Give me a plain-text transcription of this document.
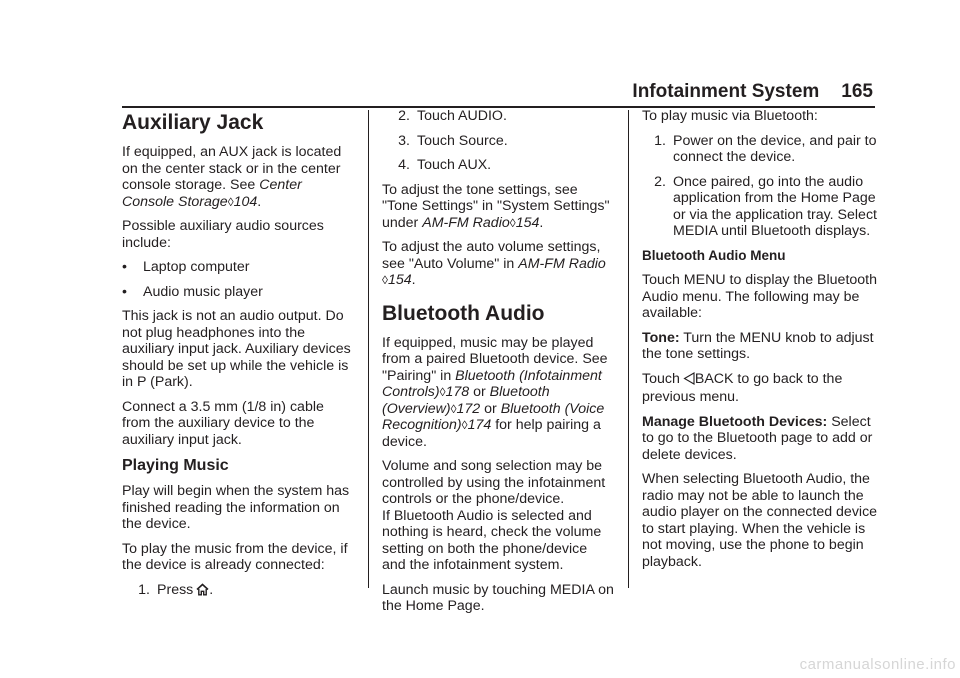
Infotainment System 165
Auxiliary Jack

If equipped, an AUX jack is located on the center stack or in the center console storage. See Center Console Storage◊104.

Possible auxiliary audio sources include:

•	Laptop computer
•	Audio music player

This jack is not an audio output. Do not plug headphones into the auxiliary input jack. Auxiliary devices should be set up while the vehicle is in P (Park).

Connect a 3.5 mm (1/8 in) cable from the auxiliary device to the auxiliary input jack.

Playing Music

Play will begin when the system has finished reading the information on the device.

To play the music from the device, if the device is already connected:

1. Press .
2. Touch AUDIO.
3. Touch Source.
4. Touch AUX.

To adjust the tone settings, see "Tone Settings" in "System Settings" under AM-FM Radio◊154.

To adjust the auto volume settings, see "Auto Volume" in AM-FM Radio
◊154.

Bluetooth Audio

If equipped, music may be played from a paired Bluetooth device. See "Pairing" in Bluetooth (Infotainment Controls)◊178 or Bluetooth (Overview)◊172 or Bluetooth (Voice Recognition)◊174 for help pairing a device.

Volume and song selection may be controlled by using the infotainment controls or the phone/device.

If Bluetooth Audio is selected and nothing is heard, check the volume setting on both the phone/device and the infotainment system.

Launch music by touching MEDIA on the Home Page.

To play music via Bluetooth:

1. Power on the device, and pair to connect the device.
2. Once paired, go into the audio application from the Home Page or via the application tray. Select MEDIA until Bluetooth displays.
Bluetooth Audio Menu

Touch MENU to display the Bluetooth Audio menu. The following may be available:

Tone: Turn the MENU knob to adjust the tone settings.

Touch BACK to go back to the previous menu.

Manage Bluetooth Devices: Select to go to the Bluetooth page to add or delete devices.

When selecting Bluetooth Audio, the radio may not be able to launch the audio player on the connected device to start playing. When the vehicle is not moving, use the phone to begin playback.

carmanualsonline.info
